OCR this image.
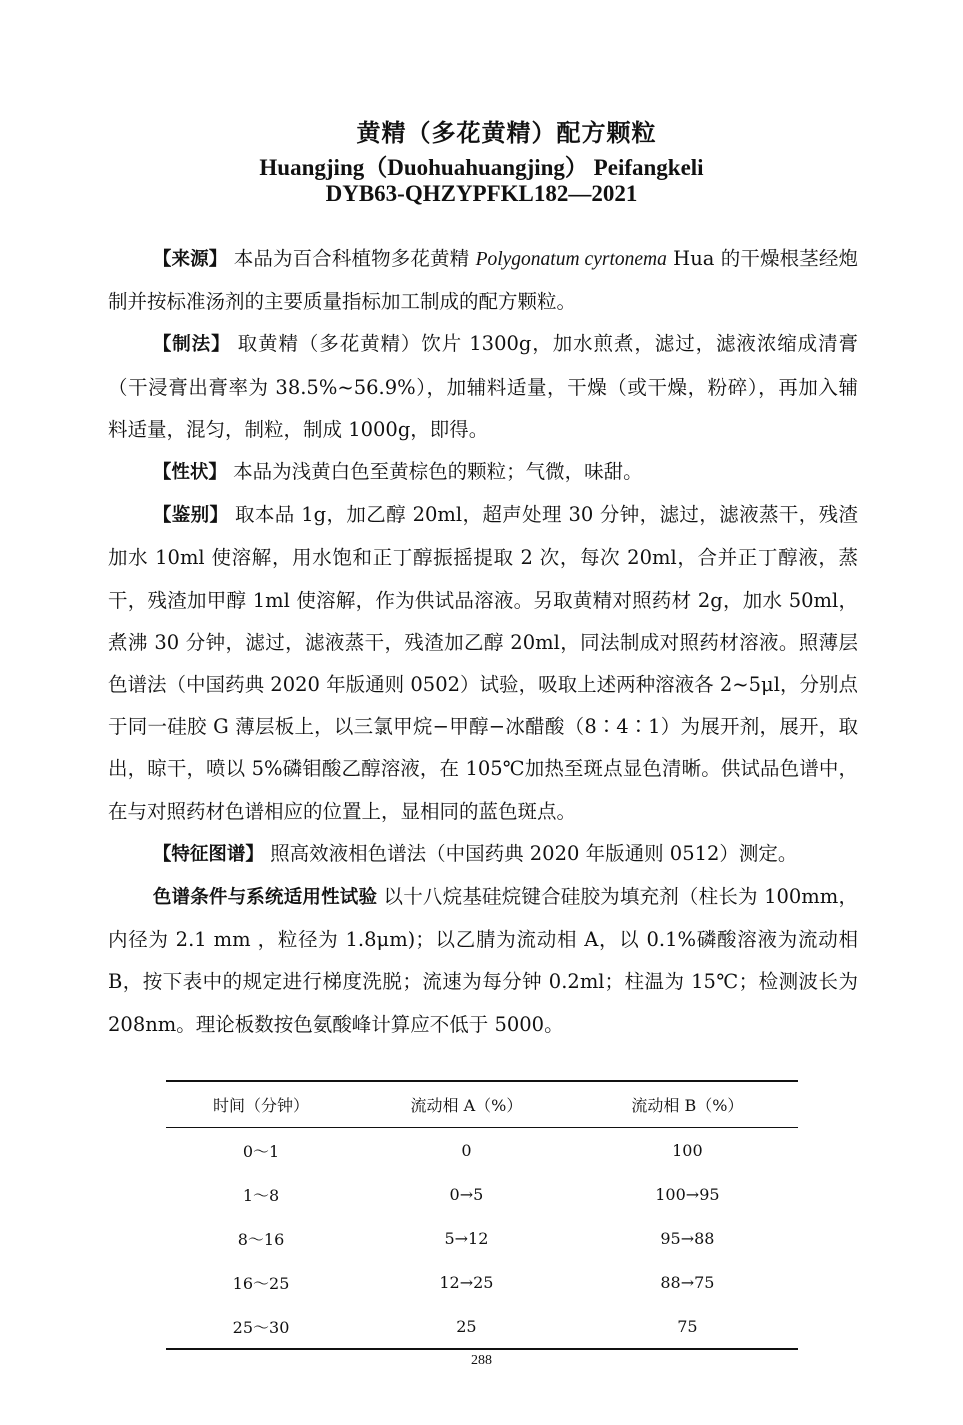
黄精（多花黄精）配方颗粒
Huangjing（Duohuahuangjing） Peifangkeli
DYB63-QHZYPFKL182—2021

【来源】 本品为百合科植物多花黄精 Polygonatum cyrtonema Hua 的干燥根茎经炮制并按标准汤剂的主要质量指标加工制成的配方颗粒。

【制法】 取黄精（多花黄精）饮片 1300g，加水煎煮，滤过，滤液浓缩成清膏（干浸膏出膏率为 38.5%~56.9%），加辅料适量，干燥（或干燥，粉碎），再加入辅料适量，混匀，制粒，制成 1000g，即得。

【性状】 本品为浅黄白色至黄棕色的颗粒；气微，味甜。

【鉴别】 取本品 1g，加乙醇 20ml，超声处理 30 分钟，滤过，滤液蒸干，残渣加水 10ml 使溶解，用水饱和正丁醇振摇提取 2 次，每次 20ml，合并正丁醇液，蒸干，残渣加甲醇 1ml 使溶解，作为供试品溶液。另取黄精对照药材 2g，加水 50ml，煮沸 30 分钟，滤过，滤液蒸干，残渣加乙醇 20ml，同法制成对照药材溶液。照薄层色谱法（中国药典 2020 年版通则 0502）试验，吸取上述两种溶液各 2~5μl，分别点于同一硅胶 G 薄层板上，以三氯甲烷−甲醇−冰醋酸（8∶4∶1）为展开剂，展开，取出，晾干，喷以 5%磷钼酸乙醇溶液，在 105℃加热至斑点显色清晰。供试品色谱中，在与对照药材色谱相应的位置上，显相同的蓝色斑点。

【特征图谱】 照高效液相色谱法（中国药典 2020 年版通则 0512）测定。

色谱条件与系统适用性试验 以十八烷基硅烷键合硅胶为填充剂（柱长为 100mm，内径为 2.1 mm ，粒径为 1.8μm)；以乙腈为流动相 A，以 0.1%磷酸溶液为流动相 B，按下表中的规定进行梯度洗脱；流速为每分钟 0.2ml；柱温为 15℃；检测波长为 208nm。理论板数按色氨酸峰计算应不低于 5000。

时间（分钟）	流动相 A（%）	流动相 B（%）
0～1	0	100
1～8	0→5	100→95
8～16	5→12	95→88
16～25	12→25	88→75
25～30	25	75
288
